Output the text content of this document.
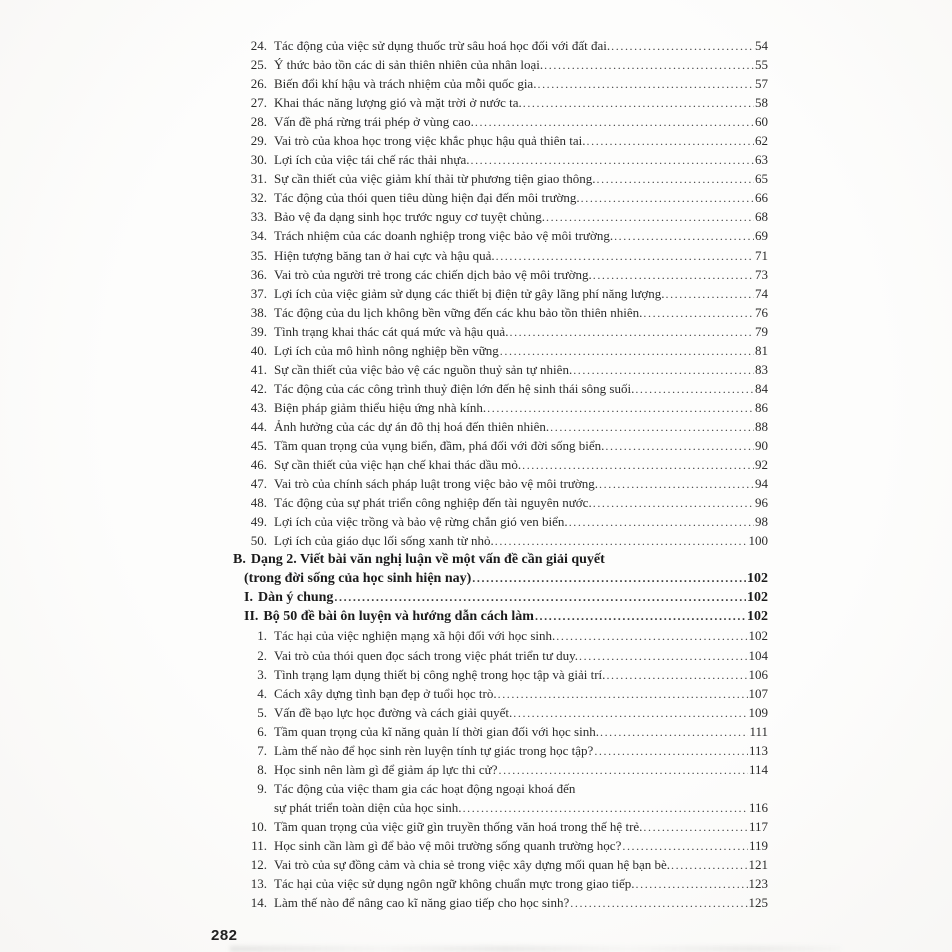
24. Tác động của việc sử dụng thuốc trừ sâu hoá học đối với đất đai. .....	54
25. Ý thức bảo tồn các di sản thiên nhiên của nhân loại. .....	55
26. Biến đổi khí hậu và trách nhiệm của mỗi quốc gia. .....	57
27. Khai thác năng lượng gió và mặt trời ở nước ta. .....	58
28. Vấn đề phá rừng trái phép ở vùng cao. .....	60
29. Vai trò của khoa học trong việc khắc phục hậu quả thiên tai. .....	62
30. Lợi ích của việc tái chế rác thải nhựa. .....	63
31. Sự cần thiết của việc giảm khí thải từ phương tiện giao thông. .....	65
32. Tác động của thói quen tiêu dùng hiện đại đến môi trường. .....	66
33. Bảo vệ đa dạng sinh học trước nguy cơ tuyệt chủng. .....	68
34. Trách nhiệm của các doanh nghiệp trong việc bảo vệ môi trường. .....	69
35. Hiện tượng băng tan ở hai cực và hậu quả. .....	71
36. Vai trò của người trẻ trong các chiến dịch bảo vệ môi trường. .....	73
37. Lợi ích của việc giảm sử dụng các thiết bị điện tử gây lãng phí năng lượng. .....	74
38. Tác động của du lịch không bền vững đến các khu bảo tồn thiên nhiên. .....	76
39. Tình trạng khai thác cát quá mức và hậu quả. .....	79
40. Lợi ích của mô hình nông nghiệp bền vững .....	81
41. Sự cần thiết của việc bảo vệ các nguồn thuỷ sản tự nhiên. .....	83
42. Tác động của các công trình thuỷ điện lớn đến hệ sinh thái sông suối. .....	84
43. Biện pháp giảm thiểu hiệu ứng nhà kính. .....	86
44. Ảnh hưởng của các dự án đô thị hoá đến thiên nhiên. .....	88
45. Tầm quan trọng của vụng biển, đầm, phá đối với đời sống biển. .....	90
46. Sự cần thiết của việc hạn chế khai thác dầu mỏ. .....	92
47. Vai trò của chính sách pháp luật trong việc bảo vệ môi trường. .....	94
48. Tác động của sự phát triển công nghiệp đến tài nguyên nước. .....	96
49. Lợi ích của việc trồng và bảo vệ rừng chắn gió ven biển. .....	98
50. Lợi ích của giáo dục lối sống xanh từ nhỏ. .....	100
B. Dạng 2. Viết bài văn nghị luận về một vấn đề cần giải quyết
(trong đời sống của học sinh hiện nay) .....	102
I. Dàn ý chung .....	102
II. Bộ 50 đề bài ôn luyện và hướng dẫn cách làm .....	102
1. Tác hại của việc nghiện mạng xã hội đối với học sinh. .....	102
2. Vai trò của thói quen đọc sách trong việc phát triển tư duy. .....	104
3. Tình trạng lạm dụng thiết bị công nghệ trong học tập và giải trí. .....	106
4. Cách xây dựng tình bạn đẹp ở tuổi học trò. .....	107
5. Vấn đề bạo lực học đường và cách giải quyết. .....	109
6. Tầm quan trọng của kĩ năng quản lí thời gian đối với học sinh. .....	111
7. Làm thế nào để học sinh rèn luyện tính tự giác trong học tập? .....	113
8. Học sinh nên làm gì để giảm áp lực thi cử? .....	114
9. Tác động của việc tham gia các hoạt động ngoại khoá đến
sự phát triển toàn diện của học sinh. .....	116
10. Tầm quan trọng của việc giữ gìn truyền thống văn hoá trong thế hệ trẻ. .....	117
11. Học sinh cần làm gì để bảo vệ môi trường sống quanh trường học? .....	119
12. Vai trò của sự đồng cảm và chia sẻ trong việc xây dựng mối quan hệ bạn bè. .....	121
13. Tác hại của việc sử dụng ngôn ngữ không chuẩn mực trong giao tiếp. .....	123
14. Làm thế nào để nâng cao kĩ năng giao tiếp cho học sinh? .....	125
282
